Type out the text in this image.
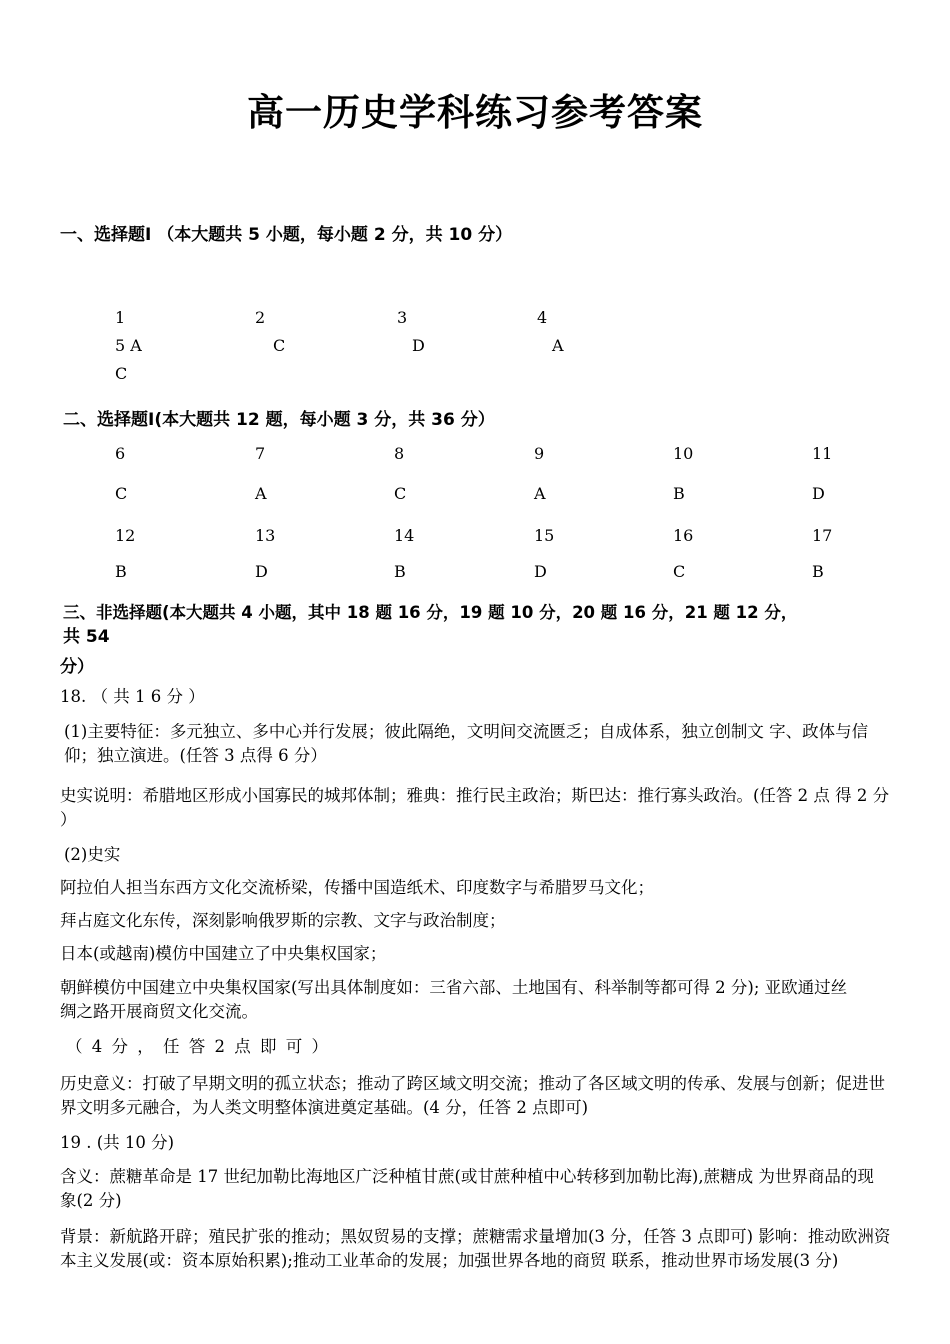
高一历史学科练习参考答案
一、选择题Ⅰ （本大题共 5 小题，每小题 2 分，共 10 分）
1	2	3	4
5 A	C	D	A
C
二、选择题Ⅰ(本大题共 12 题，每小题 3 分，共 36 分）
6	7	8	9	10	11
C	A	C	A	B	D
12	13	14	15	16	17
B	D	B	D	C	B
三、非选择题(本大题共 4 小题，其中 18 题 16 分，19 题 10 分，20 题 16 分，21 题 12 分，
共 54
分）
18. （ 共 1 6 分 ）
(1)主要特征：多元独立、多中心并行发展；彼此隔绝，文明间交流匮乏；自成体系，独立创制文 字、政体与信仰；独立演进。(任答 3 点得 6 分）
史实说明：希腊地区形成小国寡民的城邦体制；雅典：推行民主政治；斯巴达：推行寡头政治。(任答 2 点 得 2 分 ）
(2)史实
阿拉伯人担当东西方文化交流桥梁，传播中国造纸术、印度数字与希腊罗马文化；
拜占庭文化东传，深刻影响俄罗斯的宗教、文字与政治制度；
日本(或越南)模仿中国建立了中央集权国家；
朝鲜模仿中国建立中央集权国家(写出具体制度如：三省六部、土地国有、科举制等都可得 2 分); 亚欧通过丝绸之路开展商贸文化交流。
（ 4 分 ， 任 答 2 点 即 可 ）
历史意义：打破了早期文明的孤立状态；推动了跨区域文明交流；推动了各区域文明的传承、发展与创新；促进世界文明多元融合，为人类文明整体演进奠定基础。(4 分，任答 2 点即可)
19 . (共 10 分)
含义：蔗糖革命是 17 世纪加勒比海地区广泛种植甘蔗(或甘蔗种植中心转移到加勒比海),蔗糖成 为世界商品的现象(2 分)
背景：新航路开辟；殖民扩张的推动；黑奴贸易的支撑；蔗糖需求量增加(3 分，任答 3 点即可) 影响：推动欧洲资本主义发展(或：资本原始积累);推动工业革命的发展；加强世界各地的商贸 联系，推动世界市场发展(3 分)
